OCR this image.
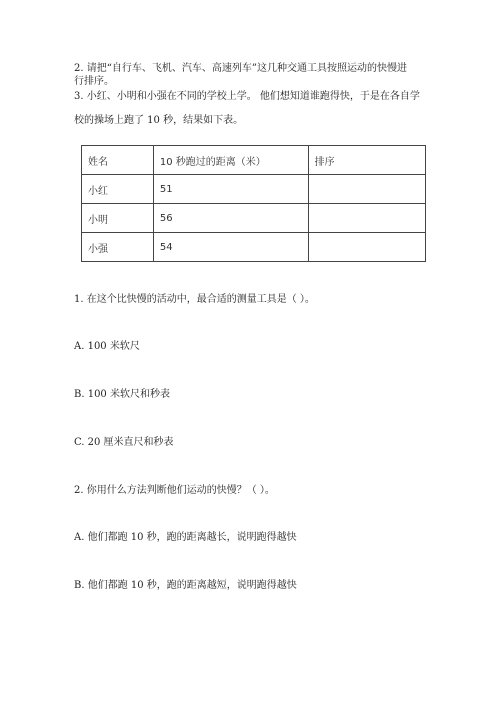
2. 请把“自行车、飞机、汽车、高速列车”这几种交通工具按照运动的快慢进
行排序。
3. 小红、小明和小强在不同的学校上学。 他们想知道谁跑得快，于是在各自学
校的操场上跑了 10 秒，结果如下表。
姓名	10 秒跑过的距离（米）	排序
小红	51	
小明	56	
小强	54	
1. 在这个比快慢的活动中，最合适的测量工具是（ ）。
A. 100 米软尺
B. 100 米软尺和秒表
C. 20 厘米直尺和秒表
2. 你用什么方法判断他们运动的快慢？（ ）。
A. 他们都跑 10 秒，跑的距离越长，说明跑得越快
B. 他们都跑 10 秒，跑的距离越短，说明跑得越快
